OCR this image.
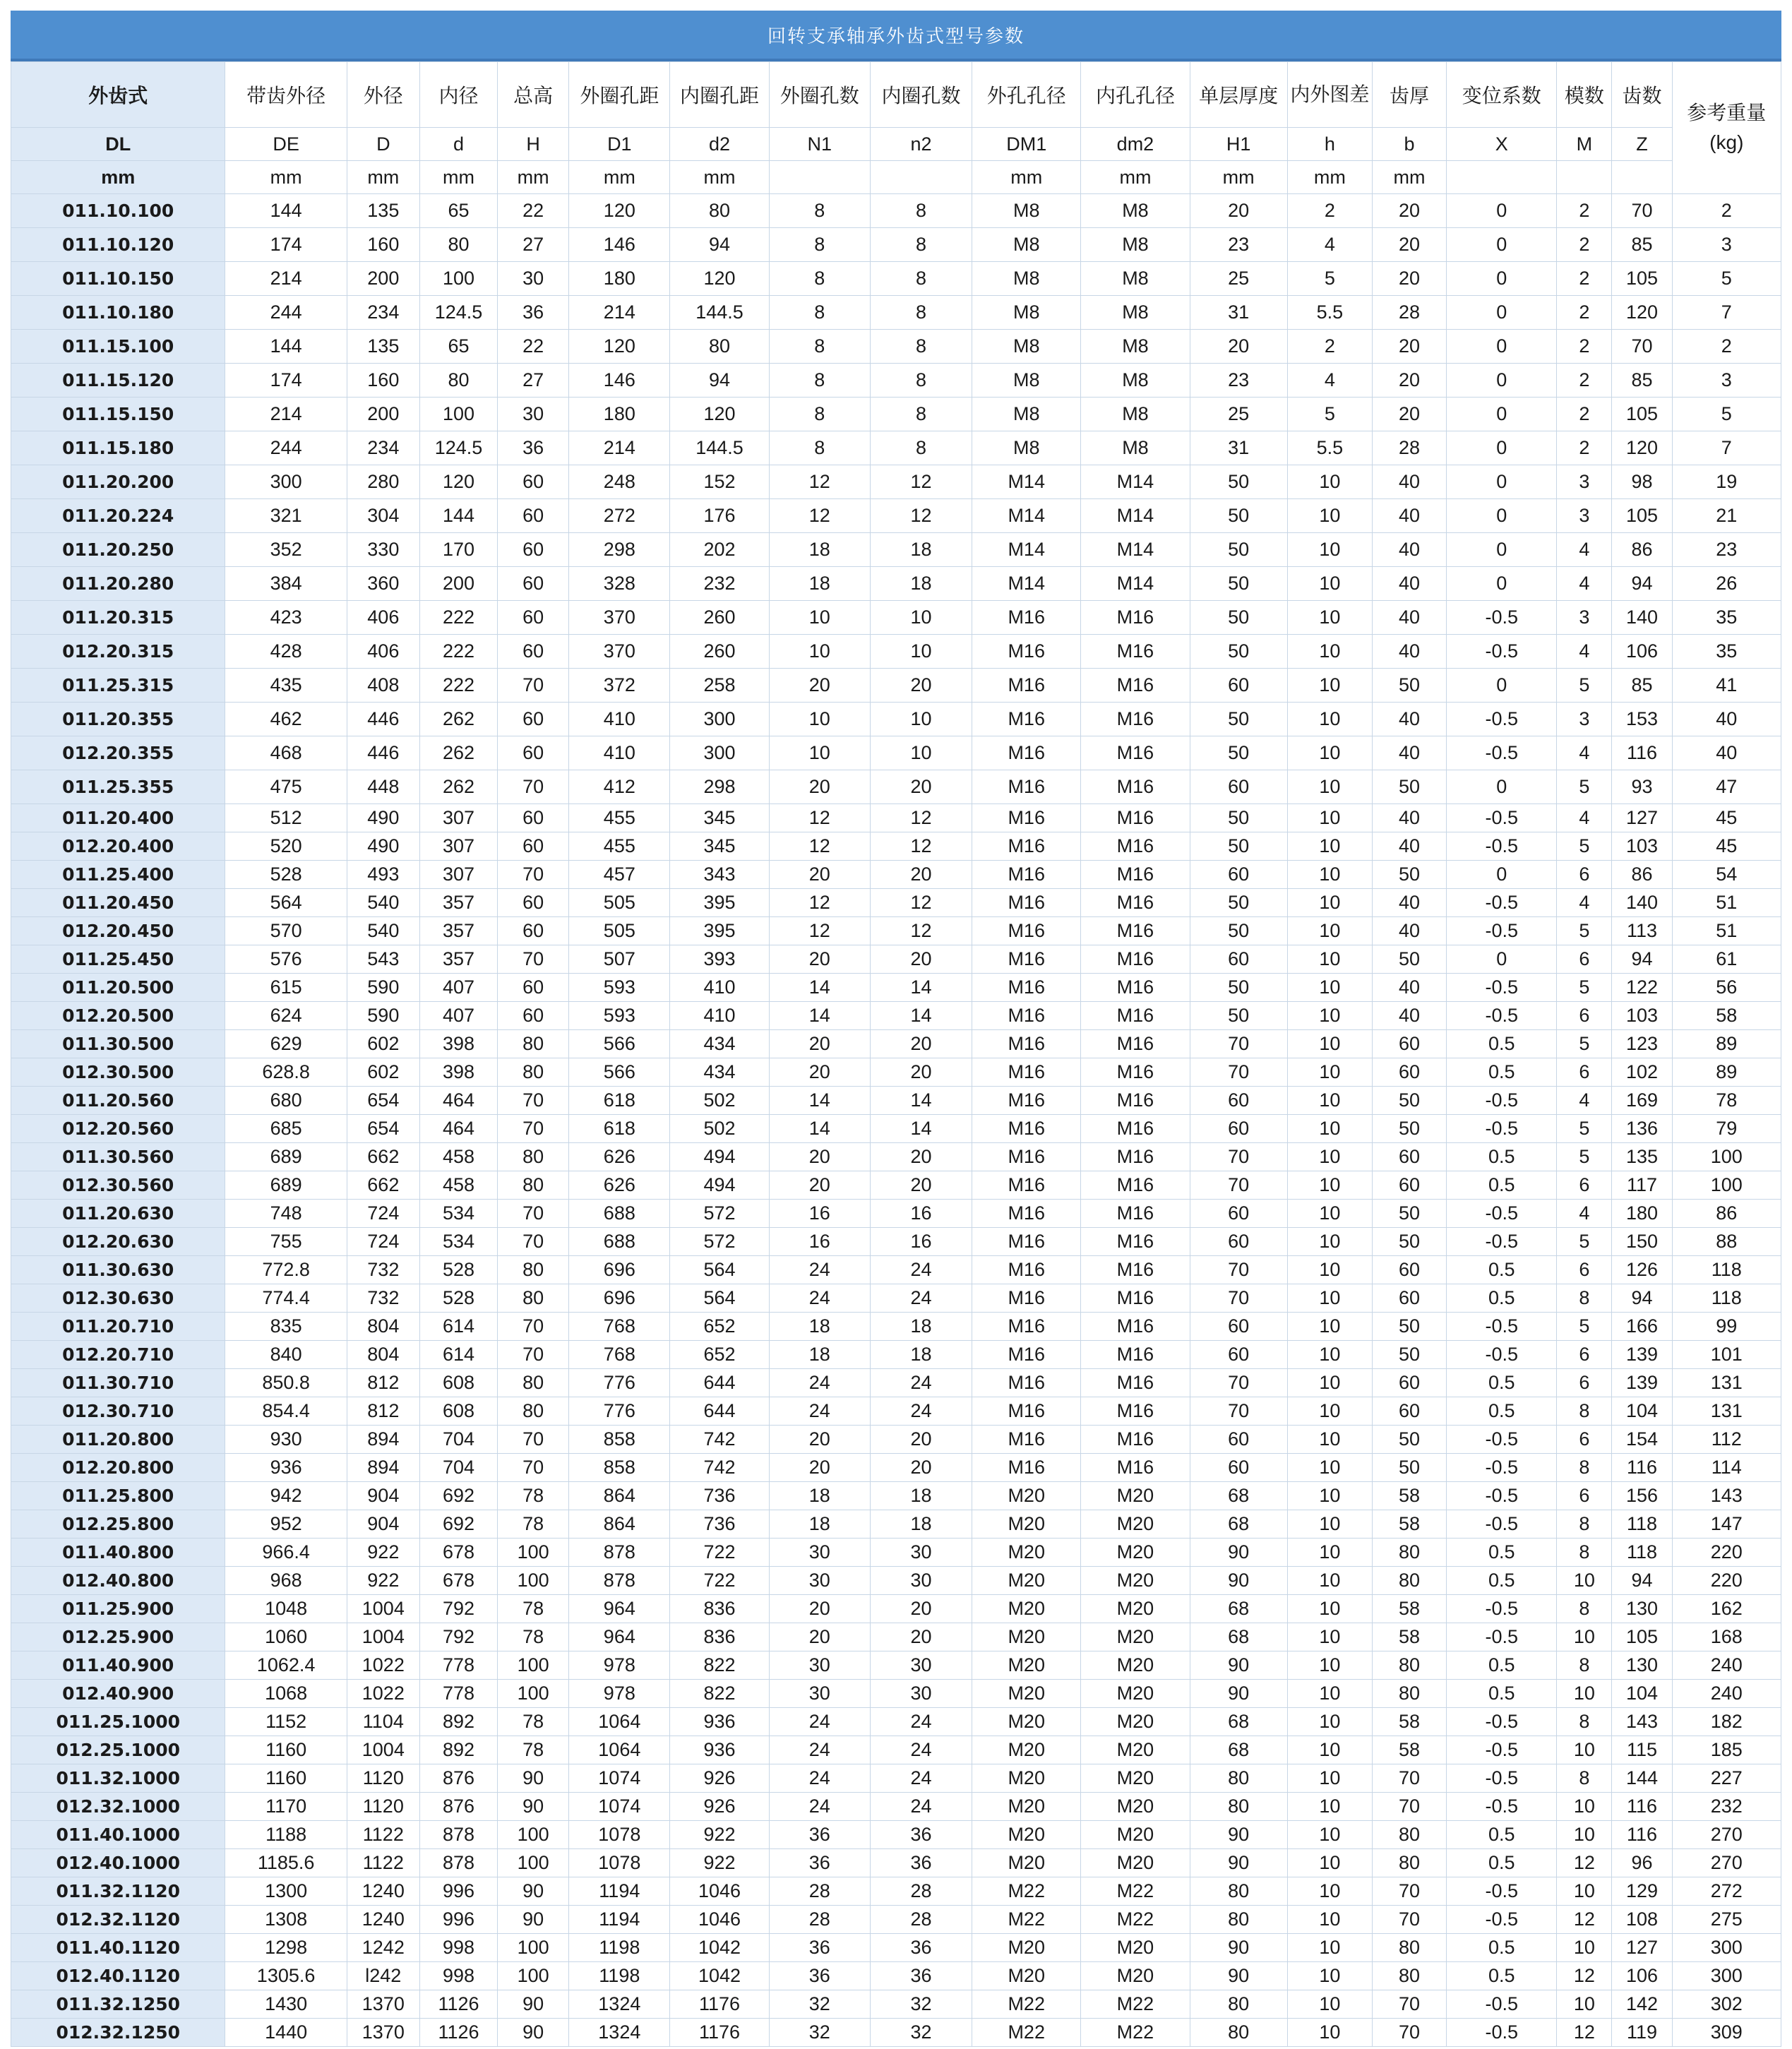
回转支承轴承外齿式型号参数
外齿式	带齿外径	外径	内径	总高	外圈孔距	内圈孔距	外圈孔数	内圈孔数	外孔孔径	内孔孔径	单层厚度	内外图差	齿厚	变位系数	模数	齿数	参考重量
(kg)

DL	DE	D	d	H	D1	d2	N1	n2	DM1	dm2	H1	h	b	X	M	Z	
mm	mm	mm	mm	mm	mm	mm			mm	mm	mm	mm	mm				
011.10.100	144	135	65	22	120	80	8	8	M8	M8	20	2	20	0	2	70	2
011.10.120	174	160	80	27	146	94	8	8	M8	M8	23	4	20	0	2	85	3
011.10.150	214	200	100	30	180	120	8	8	M8	M8	25	5	20	0	2	105	5
011.10.180	244	234	124.5	36	214	144.5	8	8	M8	M8	31	5.5	28	0	2	120	7
011.15.100	144	135	65	22	120	80	8	8	M8	M8	20	2	20	0	2	70	2
011.15.120	174	160	80	27	146	94	8	8	M8	M8	23	4	20	0	2	85	3
011.15.150	214	200	100	30	180	120	8	8	M8	M8	25	5	20	0	2	105	5
011.15.180	244	234	124.5	36	214	144.5	8	8	M8	M8	31	5.5	28	0	2	120	7
011.20.200	300	280	120	60	248	152	12	12	M14	M14	50	10	40	0	3	98	19
011.20.224	321	304	144	60	272	176	12	12	M14	M14	50	10	40	0	3	105	21
011.20.250	352	330	170	60	298	202	18	18	M14	M14	50	10	40	0	4	86	23
011.20.280	384	360	200	60	328	232	18	18	M14	M14	50	10	40	0	4	94	26
011.20.315	423	406	222	60	370	260	10	10	M16	M16	50	10	40	-0.5	3	140	35
012.20.315	428	406	222	60	370	260	10	10	M16	M16	50	10	40	-0.5	4	106	35
011.25.315	435	408	222	70	372	258	20	20	M16	M16	60	10	50	0	5	85	41
011.20.355	462	446	262	60	410	300	10	10	M16	M16	50	10	40	-0.5	3	153	40
012.20.355	468	446	262	60	410	300	10	10	M16	M16	50	10	40	-0.5	4	116	40
011.25.355	475	448	262	70	412	298	20	20	M16	M16	60	10	50	0	5	93	47
011.20.400	512	490	307	60	455	345	12	12	M16	M16	50	10	40	-0.5	4	127	45
012.20.400	520	490	307	60	455	345	12	12	M16	M16	50	10	40	-0.5	5	103	45
011.25.400	528	493	307	70	457	343	20	20	M16	M16	60	10	50	0	6	86	54
011.20.450	564	540	357	60	505	395	12	12	M16	M16	50	10	40	-0.5	4	140	51
012.20.450	570	540	357	60	505	395	12	12	M16	M16	50	10	40	-0.5	5	113	51
011.25.450	576	543	357	70	507	393	20	20	M16	M16	60	10	50	0	6	94	61
011.20.500	615	590	407	60	593	410	14	14	M16	M16	50	10	40	-0.5	5	122	56
012.20.500	624	590	407	60	593	410	14	14	M16	M16	50	10	40	-0.5	6	103	58
011.30.500	629	602	398	80	566	434	20	20	M16	M16	70	10	60	0.5	5	123	89
012.30.500	628.8	602	398	80	566	434	20	20	M16	M16	70	10	60	0.5	6	102	89
011.20.560	680	654	464	70	618	502	14	14	M16	M16	60	10	50	-0.5	4	169	78
012.20.560	685	654	464	70	618	502	14	14	M16	M16	60	10	50	-0.5	5	136	79
011.30.560	689	662	458	80	626	494	20	20	M16	M16	70	10	60	0.5	5	135	100
012.30.560	689	662	458	80	626	494	20	20	M16	M16	70	10	60	0.5	6	117	100
011.20.630	748	724	534	70	688	572	16	16	M16	M16	60	10	50	-0.5	4	180	86
012.20.630	755	724	534	70	688	572	16	16	M16	M16	60	10	50	-0.5	5	150	88
011.30.630	772.8	732	528	80	696	564	24	24	M16	M16	70	10	60	0.5	6	126	118
012.30.630	774.4	732	528	80	696	564	24	24	M16	M16	70	10	60	0.5	8	94	118
011.20.710	835	804	614	70	768	652	18	18	M16	M16	60	10	50	-0.5	5	166	99
012.20.710	840	804	614	70	768	652	18	18	M16	M16	60	10	50	-0.5	6	139	101
011.30.710	850.8	812	608	80	776	644	24	24	M16	M16	70	10	60	0.5	6	139	131
012.30.710	854.4	812	608	80	776	644	24	24	M16	M16	70	10	60	0.5	8	104	131
011.20.800	930	894	704	70	858	742	20	20	M16	M16	60	10	50	-0.5	6	154	112
012.20.800	936	894	704	70	858	742	20	20	M16	M16	60	10	50	-0.5	8	116	114
011.25.800	942	904	692	78	864	736	18	18	M20	M20	68	10	58	-0.5	6	156	143
012.25.800	952	904	692	78	864	736	18	18	M20	M20	68	10	58	-0.5	8	118	147
011.40.800	966.4	922	678	100	878	722	30	30	M20	M20	90	10	80	0.5	8	118	220
012.40.800	968	922	678	100	878	722	30	30	M20	M20	90	10	80	0.5	10	94	220
011.25.900	1048	1004	792	78	964	836	20	20	M20	M20	68	10	58	-0.5	8	130	162
012.25.900	1060	1004	792	78	964	836	20	20	M20	M20	68	10	58	-0.5	10	105	168
011.40.900	1062.4	1022	778	100	978	822	30	30	M20	M20	90	10	80	0.5	8	130	240
012.40.900	1068	1022	778	100	978	822	30	30	M20	M20	90	10	80	0.5	10	104	240
011.25.1000	1152	1104	892	78	1064	936	24	24	M20	M20	68	10	58	-0.5	8	143	182
012.25.1000	1160	1004	892	78	1064	936	24	24	M20	M20	68	10	58	-0.5	10	115	185
011.32.1000	1160	1120	876	90	1074	926	24	24	M20	M20	80	10	70	-0.5	8	144	227
012.32.1000	1170	1120	876	90	1074	926	24	24	M20	M20	80	10	70	-0.5	10	116	232
011.40.1000	1188	1122	878	100	1078	922	36	36	M20	M20	90	10	80	0.5	10	116	270
012.40.1000	1185.6	1122	878	100	1078	922	36	36	M20	M20	90	10	80	0.5	12	96	270
011.32.1120	1300	1240	996	90	1194	1046	28	28	M22	M22	80	10	70	-0.5	10	129	272
012.32.1120	1308	1240	996	90	1194	1046	28	28	M22	M22	80	10	70	-0.5	12	108	275
011.40.1120	1298	1242	998	100	1198	1042	36	36	M20	M20	90	10	80	0.5	10	127	300
012.40.1120	1305.6	l242	998	100	1198	1042	36	36	M20	M20	90	10	80	0.5	12	106	300
011.32.1250	1430	1370	1126	90	1324	1176	32	32	M22	M22	80	10	70	-0.5	10	142	302
012.32.1250	1440	1370	1126	90	1324	1176	32	32	M22	M22	80	10	70	-0.5	12	119	309
